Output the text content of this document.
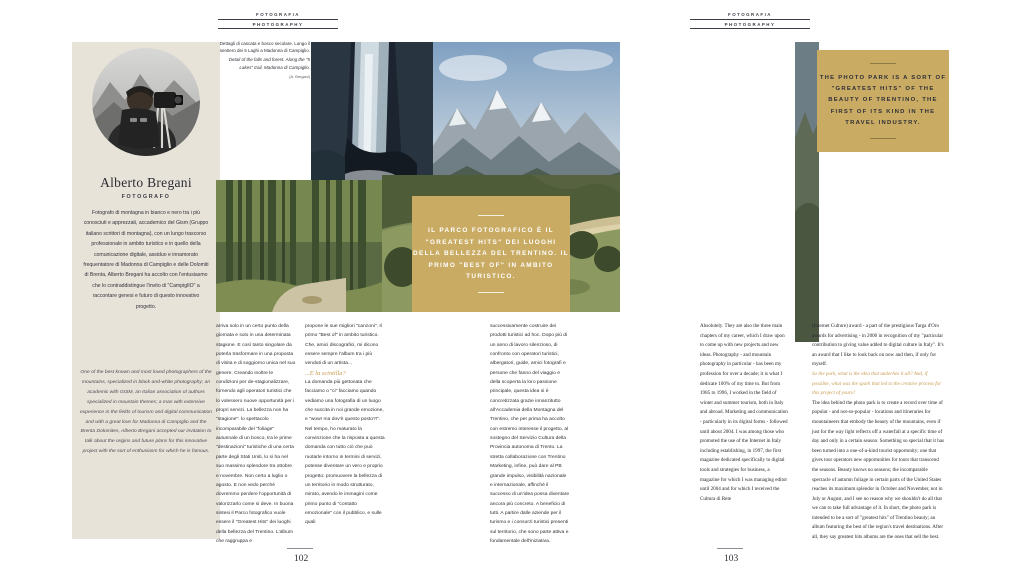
FOTOGRAFIA
PHOTOGRAPHY
FOTOGRAFIA
PHOTOGRAPHY
Alberto Bregani
FOTOGRAFO
Fotografo di montagna in bianco e nero tra i più conosciuti e apprezzati, accademico del Gism (Gruppo italiano scrittori di montagna), con un lungo trascorso professionale in ambito turistico e in quello della comunicazione digitale, assiduo e innamorato frequentatore di Madonna di Campiglio e delle Dolomiti di Brenta, Alberto Bregani ha accolto con l'entusiasmo che lo contraddistingue l'invito di "CampiglIO" a raccontare genesi e futuro di questo innovativo progetto.
One of the best known and most loved photographers of the mountains, specialized in black-and-white photography; an academic with GISM, an Italian association of authors specialized in mountain themes; a man with extensive experience in the fields of tourism and digital communication and with a great love for Madonna di Campiglio and the Brenta Dolomites, Alberto Bregani accepted our invitation to talk about the origins and future plans for this innovative project with the sort of enthusiasm for which he is famous.
Dettagli di cascata e bosco secolare. Lungo il sentiero dei 5 Laghi a Madonna di Campiglio.
Detail of the falls and forest. Along the "5 Lakes" trail, Madonna di Campiglio.
(A. Bregani)
IL PARCO FOTOGRAFICO È IL "GREATEST HITS" DEI LUOGHI DELLA BELLEZZA DEL TRENTINO. IL PRIMO "BEST OF" IN AMBITO TURISTICO.
THE PHOTO PARK IS A SORT OF "GREATEST HITS" OF THE BEAUTY OF TRENTINO, THE FIRST OF ITS KIND IN THE TRAVEL INDUSTRY.

arriva solo in un certo punto della giornata e solo in una determinata stagione. E così tanto singolare da poterla trasformare in una proposta di visita e di soggiorno unica nel suo genere. Creando inoltre le condizioni per de-stagionalizzare, fornendo agli operatori turistici che lo volessero nuove opportunità per i propri servizi. La bellezza non ha "stagione": lo spettacolo incomparabile del "foliage" autunnale di un bosco, tra le prime "destinazioni" turistiche di una certa parte degli Stati Uniti, lo si ha nel suo massimo splendore tra ottobre e novembre. Non certo a luglio o agosto. E non vedo perché dovremmo perdere l'opportunità di valorizzarlo come si deve. In buona sintesi il Parco fotografico vuole essere il "Greatest Hits" dei luoghi della bellezza del Trentino. L'album che raggruppa e

propone le sue migliori "canzoni". Il primo "Best of" in ambito turistico. Che, amici discografici, mi dicono essere sempre l'album tra i più venduti di un artista...

...E la scintilla?

La domanda più gettonata che facciamo o "ci" facciamo quando vediamo una fotografia di un luogo che suscita in noi grande emozione, e "wow! ma dov'è questo posto?!". Nel tempo, ho maturato la convinzione che la risposta a questa domanda con tutto ciò che può ruotarle intorno in termini di servizi, potesse diventare un vero e proprio progetto: promuovere la bellezza di un territorio in modo strutturato, mirato, avendo le immagini come primo punto di "contatto emozionale" con il pubblico, e sulle quali

successivamente costruire dei prodotti turistici ad hoc. Dopo più di un anno di lavoro silenzioso, di confronto con operatori turistici, albergatori, guide, amici fotografi e persone che fanno del viaggio e della scoperta la loro passione principale, questa idea si è concretizzata grazie innanzitutto all'Accademia della Montagna del Trentino, che per prima ha accolto con estremo interesse il progetto, al sostegno del Servizio Cultura della Provincia autonoma di Trento. La stretta collaborazione con Trentino Marketing, infine, può dare al PB grande impulso, visibilità nazionale e internazionale, affinché il successo di un'idea possa diventare ancora più concreto. A beneficio di tutti. A partire dalle aziende per il turismo e i consorzi turistici presenti sul territorio, che sono parte attiva e fondamentale dell'iniziativa.

Absolutely. They are also the three main chapters of my career, which I draw upon to come up with new projects and new ideas. Photography - and mountain photography in particular - has been my profession for over a decade; it is what I dedicate 100% of my time to. But from 1985 to 1996, I worked in the field of winter and summer tourism, both in Italy and abroad. Marketing and communication - particularly in its digital forms - followed until about 2004. I was among those who promoted the use of the Internet in Italy including establishing, in 1997, the first magazine dedicated specifically to digital tools and strategies for business, a magazine for which I was managing editor until 2004 and for which I received the Cultura di Rete

(Internet Culture) award - a part of the prestigious Targa d'Oro awards for advertising - in 2000 in recognition of my "particular contribution to giving value added to digital culture in Italy". It's an award that I like to look back on now and then, if only for myself.

So the park, what is the idea that underlies it all? And, if possible, what was the spark that led to the creative process for this project of yours?

The idea behind the photo park is to create a record over time of popular - and not-so-popular - locations and itineraries for mountaineers that embody the beauty of the mountains, even if just for the way light reflects off a waterfall at a specific time of day and only in a certain season. Something so special that it has been turned into a one-of-a-kind tourist opportunity; one that gives tour operators new opportunities for tours that transcend the seasons. Beauty knows no seasons; the incomparable spectacle of autumn foliage in certain parts of the United States reaches its maximum splendor in October and November, not in July or August, and I see no reason why we shouldn't do all that we can to take full advantage of it. In short, the photo park is intended to be a sort of "greatest hits" of Trentino beauty; an album featuring the best of the region's travel destinations. After all, they say greatest hits albums are the ones that sell the best.

102	103
